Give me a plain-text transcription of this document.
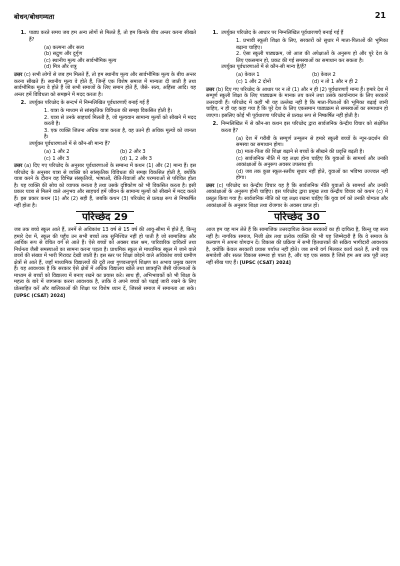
बोधन/बोधगम्यता	21
1. पाठ्य करते समय जब हम अन्य लोगों से मिलते हैं, तो हम किनके बीच अन्तर करना सीखते हैं?

(a) कल्पना और सत्य
(b) सद्गुण और दुर्गुण
(c) स्थानीय मूल्य और सार्वभौमिक मूल्य
(d) मित्र और शत्रु

उत्तर (c) सभी लोगों से जब हम मिलते हैं, तो हम स्थानीय मूल्य और सार्वभौमिक मूल्य के बीच अन्तर करना सीखते हैं। स्थानीय मूल्य वे होते हैं, जिन्हें एक विशेष समाज में मान्यता दी जाती है तथा सार्वभौमिक मूल्य वे होते हैं जो सभी समाजों के लिए समान होते हैं, जैसे- सत्य, अहिंसा आदि। यह अन्तर हमें विविधता को समझने में मदद करता है।

2. उपर्युक्त परिच्छेद के सन्दर्भ में निम्नलिखित पूर्वधारणाएँ बनाई गई हैं

1. यात्रा के माध्यम से सांस्कृतिक विविधता की समझ विकसित होती है।
2. यात्रा से उनके साहचर्य मिलती है, जो मूल्यवान सामान्य मूल्यों को सीखने में मदद करती है।
3. एक व्यक्ति जितना अधिक यात्रा करता है, वह उतने ही अधिक मूल्यों को जानता है।

उपर्युक्त पूर्वधारणाओं में से कौन-सी मान्य हैं?

(a) 1 और 2	(b) 2 और 3
(c) 1 और 3	(d) 1, 2 और 3

उत्तर (a) दिए गए परिच्छेद के अनुसार पूर्वधारणाओं के सम्बन्ध में कथन (1) और (2) मान्य हैं। इस परिच्छेद के अनुसार यात्रा से व्यक्ति को सांस्कृतिक विविधता की समझ विकसित होती है, क्योंकि यात्रा करने के दौरान वह विभिन्न संस्कृतियों, भाषाओं, रीति-रिवाजों और परम्पराओं से परिचित होता है। यह व्यक्ति की सोच को व्यापक बनाता है तथा उसके दृष्टिकोण को भी विकसित करता है। इसी प्रकार यात्रा से मिलने वाले अनुभव और साहचर्य हमें जीवन के सामान्य मूल्यों को सीखने में मदद करते हैं। इस प्रकार कथन (1) और (2) सही हैं, जबकि कथन (3) परिच्छेद से प्रत्यक्ष रूप से निष्कर्षित नहीं होता है।

परिच्छेद 29

जब तक बच्चे स्कूल आते हैं, उनमें से अधिकांश 13 वर्ष से 15 वर्ष की आयु-सीमा में होते हैं, किन्तु हमारे देश में, स्कूल की पहुँच उन सभी बच्चों तक सुनिश्चित नहीं हो पाती है जो सामाजिक और आर्थिक रूप से वंचित वर्ग से आते हैं। ऐसे बच्चों को अक्सर बाल श्रम, पारिवारिक दायित्वों तथा निर्धनता जैसी समस्याओं का सामना करना पड़ता है। प्राथमिक स्कूल से माध्यमिक स्कूल में जाने वाले छात्रों की संख्या में भारी गिरावट देखी जाती है। इस स्तर पर शिक्षा छोड़ने वाले अधिकांश बच्चे ग्रामीण क्षेत्रों से आते हैं, जहाँ माध्यमिक विद्यालयों की दूरी तथा गुणवत्तापूर्ण शिक्षण का अभाव प्रमुख कारण हैं। यह आवश्यक है कि सरकार ऐसे क्षेत्रों में अधिक विद्यालय खोले तथा छात्रवृत्ति जैसी योजनाओं के माध्यम से बच्चों को विद्यालय में बनाए रखने का प्रयास करे। साथ ही, अभिभावकों को भी शिक्षा के महत्व के बारे में जागरूक करना आवश्यक है, ताकि वे अपने बच्चों को पढ़ाई जारी रखने के लिए प्रोत्साहित करें और बालिकाओं की शिक्षा पर विशेष ध्यान दें, जिससे समाज में समानता आ सके। [UPSC (CSAT) 2024]

1. उपर्युक्त परिच्छेद के आधार पर निम्नलिखित पूर्वधारणाएँ बनाई गई हैं

1. प्रभावी स्कूली शिक्षा के लिए, सरकारों को सुधार में माता-पिताओं की भूमिका बढ़ाना चाहिए।
2. ऐसा स्कूली पाठ्यक्रम, जो आज की अपेक्षाओं के अनुरूप हो और पूरे देश के लिए एकसमान हो, प्रकट की गई समस्याओं का समाधान कर सकता है।

उपर्युक्त पूर्वधारणाओं में से कौन-सी मान्य है/हैं?

(a) केवल 1	(b) केवल 2
(c) 1 और 2 दोनों	(d) न तो 1 और न ही 2

उत्तर (b) दिए गए परिच्छेद के आधार पर न तो (1) और न ही (2) पूर्वधारणाएँ मान्य हैं। हमारे देश में सम्पूर्ण स्कूली शिक्षा के लिए पाठ्यक्रम के मानक तय करने तथा उसके कार्यान्वयन के लिए सरकारें उत्तरदायी हैं। परिच्छेद में कहीं भी यह उल्लेख नहीं है कि माता-पिताओं की भूमिका बढ़ाई जानी चाहिए, न ही यह कहा गया है कि पूरे देश के लिए एकसमान पाठ्यक्रम से समस्याओं का समाधान हो जाएगा। इसलिए कोई भी पूर्वधारणा परिच्छेद से प्रत्यक्ष रूप से निष्कर्षित नहीं होती है।

2. निम्नलिखित में से कौन-सा कथन इस परिच्छेद द्वारा सार्वजनिक केन्द्रीय विचार को संक्षेपित करता है?

(a) देश में गरीबी के सम्पूर्ण उन्मूलन से हमारे स्कूली बच्चों के न्यून-प्रदर्शन की समस्या का समाधान होगा।
(b) माता-पिता की शिक्षा बढ़ाने से बच्चों के सीखने की प्रवृत्ति बढ़ती है।
(c) सार्वजनिक नीति में यह लक्ष्य होना चाहिए कि युवाओं के सामर्थ्य और उनकी आकांक्षाओं के अनुरूप अवसर उपलब्ध हों।
(d) जब तक कुछ स्कूल-स्तरीय सुधार नहीं होते, युवाओं का भविष्य उज्ज्वल नहीं होगा।

उत्तर (c) परिच्छेद का केन्द्रीय विचार यह है कि सार्वजनिक नीति युवाओं के सामर्थ्य और उनकी आकांक्षाओं के अनुरूप होनी चाहिए। इस परिच्छेद द्वारा प्रमुख तथा केन्द्रीय विचार को कथन (c) में प्रस्तुत किया गया है। सार्वजनिक नीति को यह लक्ष्य रखना चाहिए कि युवा वर्ग को उनकी योग्यता और आकांक्षाओं के अनुसार शिक्षा तथा रोजगार के अवसर प्राप्त हों।

परिच्छेद 30

आज हम यह मान लेते हैं कि सामाजिक उत्तरदायित्व केवल सरकारों का ही दायित्व है, किन्तु यह सत्य नहीं है। नागरिक समाज, निजी क्षेत्र तथा प्रत्येक व्यक्ति की भी यह जिम्मेदारी है कि वे समाज के कल्याण में अपना योगदान दें। विकास की प्रक्रिया में सभी हितधारकों की सक्रिय भागीदारी आवश्यक है, क्योंकि केवल सरकारी प्रयास पर्याप्त नहीं होते। जब सभी वर्ग मिलकर कार्य करते हैं, तभी एक समावेशी और सतत विकास सम्भव हो पाता है, और यह एक सबक है जिसे हम अब तक पूरी तरह नहीं सीख पाए हैं। [UPSC (CSAT) 2024]
